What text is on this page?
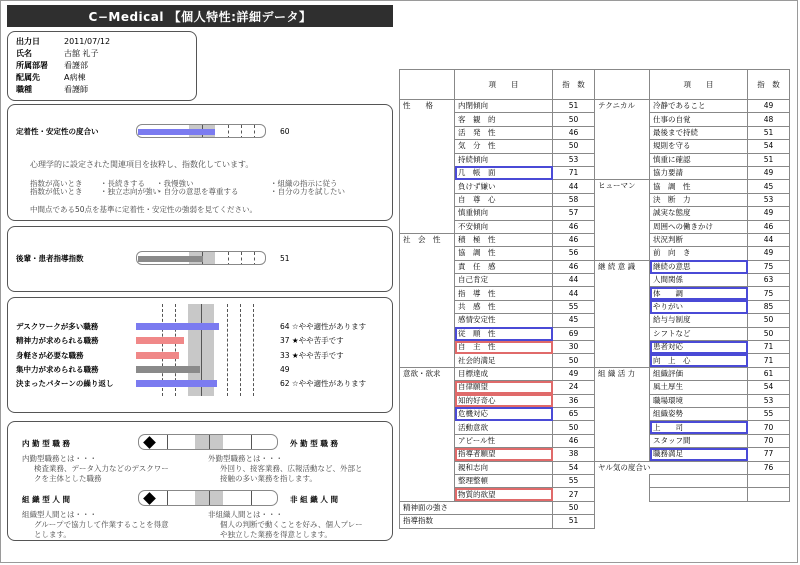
C−Medical 【個人特性:詳細データ】
出力日	2011/07/12
氏名	古舘 礼子
所属部署	看護部
配属先	A病棟
職種	看護師
定着性・安定性の度合い	60
心理学的に設定された関連項目を抜粋し、指数化しています。
指数が高いとき
指数が低いとき
・長続きする ・我慢強い	・組織の指示に従う
・独立志向が強い
・自分の意思を尊重する	・自分の力を試したい
中間点である50点を基準に定着性・安定性の強弱を見てください。
後輩・患者指導指数	51
デスクワークが多い職務	64 ☆やや適性があります
精神力が求められる職務	37 ★やや苦手です
身軽さが必要な職務	33 ★やや苦手です
集中力が求められる職務	49
決まったパターンの繰り返し	62 ☆やや適性があります
内 勤 型 職 務	外 勤 型 職 務
内勤型職務とは・・・
検査業務、データ入力などのデスクワー
クを主体とした職務
外勤型職務とは・・・
外回り、接客業務、広報活動など、外部と
接触の多い業務を指します。
組 織 型 人 間	非 組 織 人 間
組織型人間とは・・・
グループで協力して作業することを得意
とします。
非組織人間とは・・・
個人の判断で動くことを好み、個人プレー
や独立した業務を得意とします。
	項　　目	指　数		項　　目	指　数
性　　格	内閉傾向	51	テクニカル	冷静であること	49
	客　観　的	50		仕事の自覚	48
	活　発　性	46		最後まで持続	51
	気　分　性	50		規則を守る	54
	持続傾向	53		慎重に確認	51
	几　帳　面	71		協力要請	49
	負けず嫌い	44	ヒューマン	協　調　性	45
	自　尊　心	58		決　断　力	53
	慎重傾向	57		誠実な態度	49
	不安傾向	46		周囲への働きかけ	46
社　会　性	積　極　性	46		状況判断	44
	協　調　性	56		前　向　き	49
	責　任　感	46	継 続 意 識	継続の意思	75
	自己肯定	44		人間関係	63
	指　導　性	44		体　　調	75
	共　感　性	55		やりがい	85
	感情安定性	45		給与与制度	50
	従　順　性	69		シフトなど	50
	自　主　性	30		患者対応	71
	社会的満足	50		向　上　心	71
意欲・欲求	目標達成	49	組 織 活 力	組織評価	61
	自律願望	24		風土厚生	54
	知的好奇心	36		職場環境	53
	危機対応	65		組織姿勢	55
	活動意欲	50		上　　司	70
	アピール性	46		スタッフ間	70
	指導者願望	38		職務満足	77
	親和志向	54	ヤル気の度合い		76
	整理整頓	55			
	物質的欲望	27			
精神面の強さ		50			
指導指数		51			
